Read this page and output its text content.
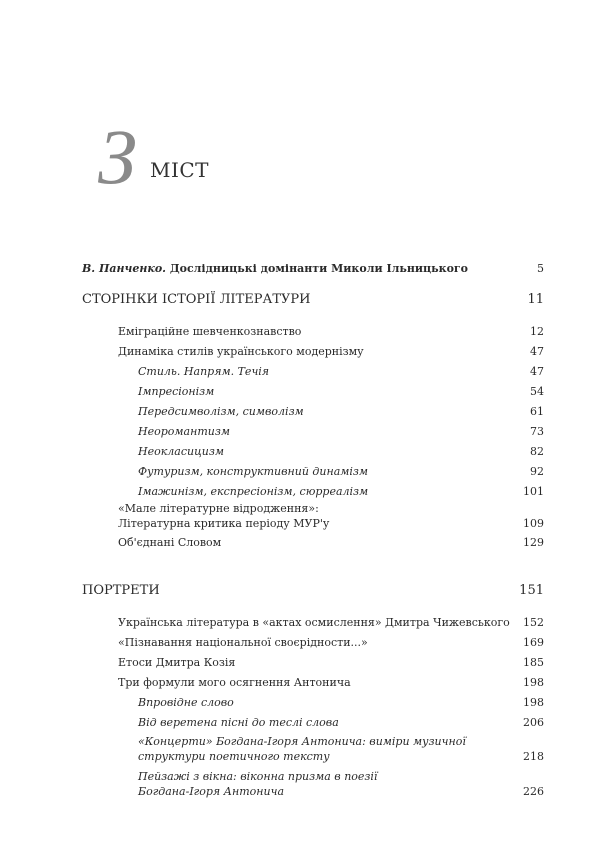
З МІСТ
В. Панченко. Дослідницькі домінанти Миколи Ільницького	5
СТОРІНКИ ІСТОРІЇ ЛІТЕРАТУРИ	11
Еміграційне шевченкознавство	12
Динаміка стилів українського модернізму	47
Стиль. Напрям. Течія	47
Імпресіонізм	54
Передсимволізм, символізм	61
Неоромантизм	73
Неокласицизм	82
Футуризм, конструктивний динамізм	92
Імажинізм, експресіонізм, сюрреалізм	101
«Мале літературне відродження»:
Літературна критика періоду МУР'у	109
Об'єднані Словом	129
ПОРТРЕТИ	151
Українська література в «актах осмислення» Дмитра Чижевського 152
«Пізнавання національної своєрідности...»	169
Етоси Дмитра Козія	185
Три формули мого осягнення Антонича	198
Впровідне слово	198
Від веретена пісні до теслі слова	206
«Концерти» Богдана-Ігоря Антонича: виміри музичної
структури поетичного тексту	218
Пейзажі з вікна: віконна призма в поезії
Богдана-Ігоря Антонича	226
